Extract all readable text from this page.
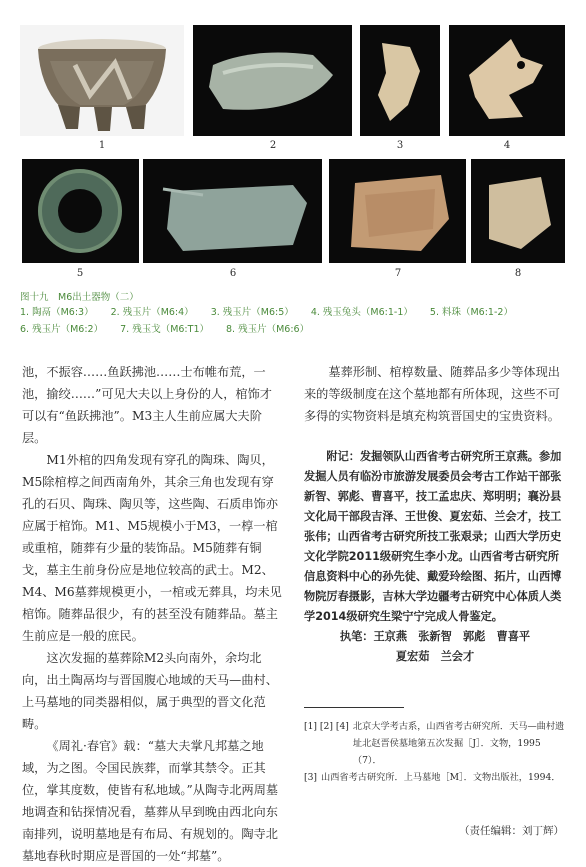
1	2	3	4
5	6	7	8
图十九　M6出土器物（二）
1. 陶鬲（M6:3） 2. 残玉片（M6:4） 3. 残玉片（M6:5） 4. 残玉兔头（M6:1-1） 5. 料珠（M6:1-2） 6. 残玉片（M6:2） 7. 残玉戈（M6:T1） 8. 残玉片（M6:6）

池，不振容……鱼跃拂池……士布帷布荒，一池，揄绞……”可见大夫以上身份的人，棺饰才可以有“鱼跃拂池”。M3主人生前应属大夫阶层。

M1外棺的四角发现有穿孔的陶珠、陶贝，M5除棺椁之间西南角外，其余三角也发现有穿孔的石贝、陶珠、陶贝等，这些陶、石质串饰亦应属于棺饰。M1、M5规模小于M3，一椁一棺或重棺，随葬有少量的装饰品。M5随葬有铜戈，墓主生前身份应是地位较高的武士。M2、M4、M6墓葬规模更小，一棺或无葬具，均未见棺饰。随葬品很少，有的甚至没有随葬品。墓主生前应是一般的庶民。

这次发掘的墓葬除M2头向南外，余均北向，出土陶鬲均与晋国腹心地域的天马—曲村、上马墓地的同类器相似，属于典型的晋文化范畴。

《周礼·春官》载：“墓大夫掌凡邦墓之地域，为之图。令国民族葬，而掌其禁令。正其位，掌其度数，使皆有私地域。”从陶寺北两周墓地调查和钻探情况看，墓葬从早到晚由西北向东南排列，说明墓地是有布局、有规划的。陶寺北墓地春秋时期应是晋国的一处“邦墓”。

墓葬形制、棺椁数量、随葬品多少等体现出来的等级制度在这个墓地都有所体现，这些不可多得的实物资料是填充构筑晋国史的宝贵资料。

附记：发掘领队山西省考古研究所王京燕。参加发掘人员有临汾市旅游发展委员会考古工作站干部张新智、郭彪、曹喜平，技工孟忠庆、郑明明；襄汾县文化局干部段吉泽、王世俊、夏宏茹、兰会才，技工张伟；山西省考古研究所技工张艰录；山西大学历史文化学院2011级研究生李小龙。山西省考古研究所信息资料中心的孙先徒、戴爱玲绘图、拓片，山西博物院厉春摄影，吉林大学边疆考古研究中心体质人类学2014级研究生梁宁宁完成人骨鉴定。

执笔：王京燕　张新智　郭彪　曹喜平
夏宏茹　兰会才
[1] [2] [4] 北京大学考古系，山西省考古研究所．天马—曲村遗址北赵晋侯墓地第五次发掘［J］．文物，1995（7）．
[3] 山西省考古研究所．上马墓地［M］．文物出版社，1994．
（责任编辑：刘丁辉）
